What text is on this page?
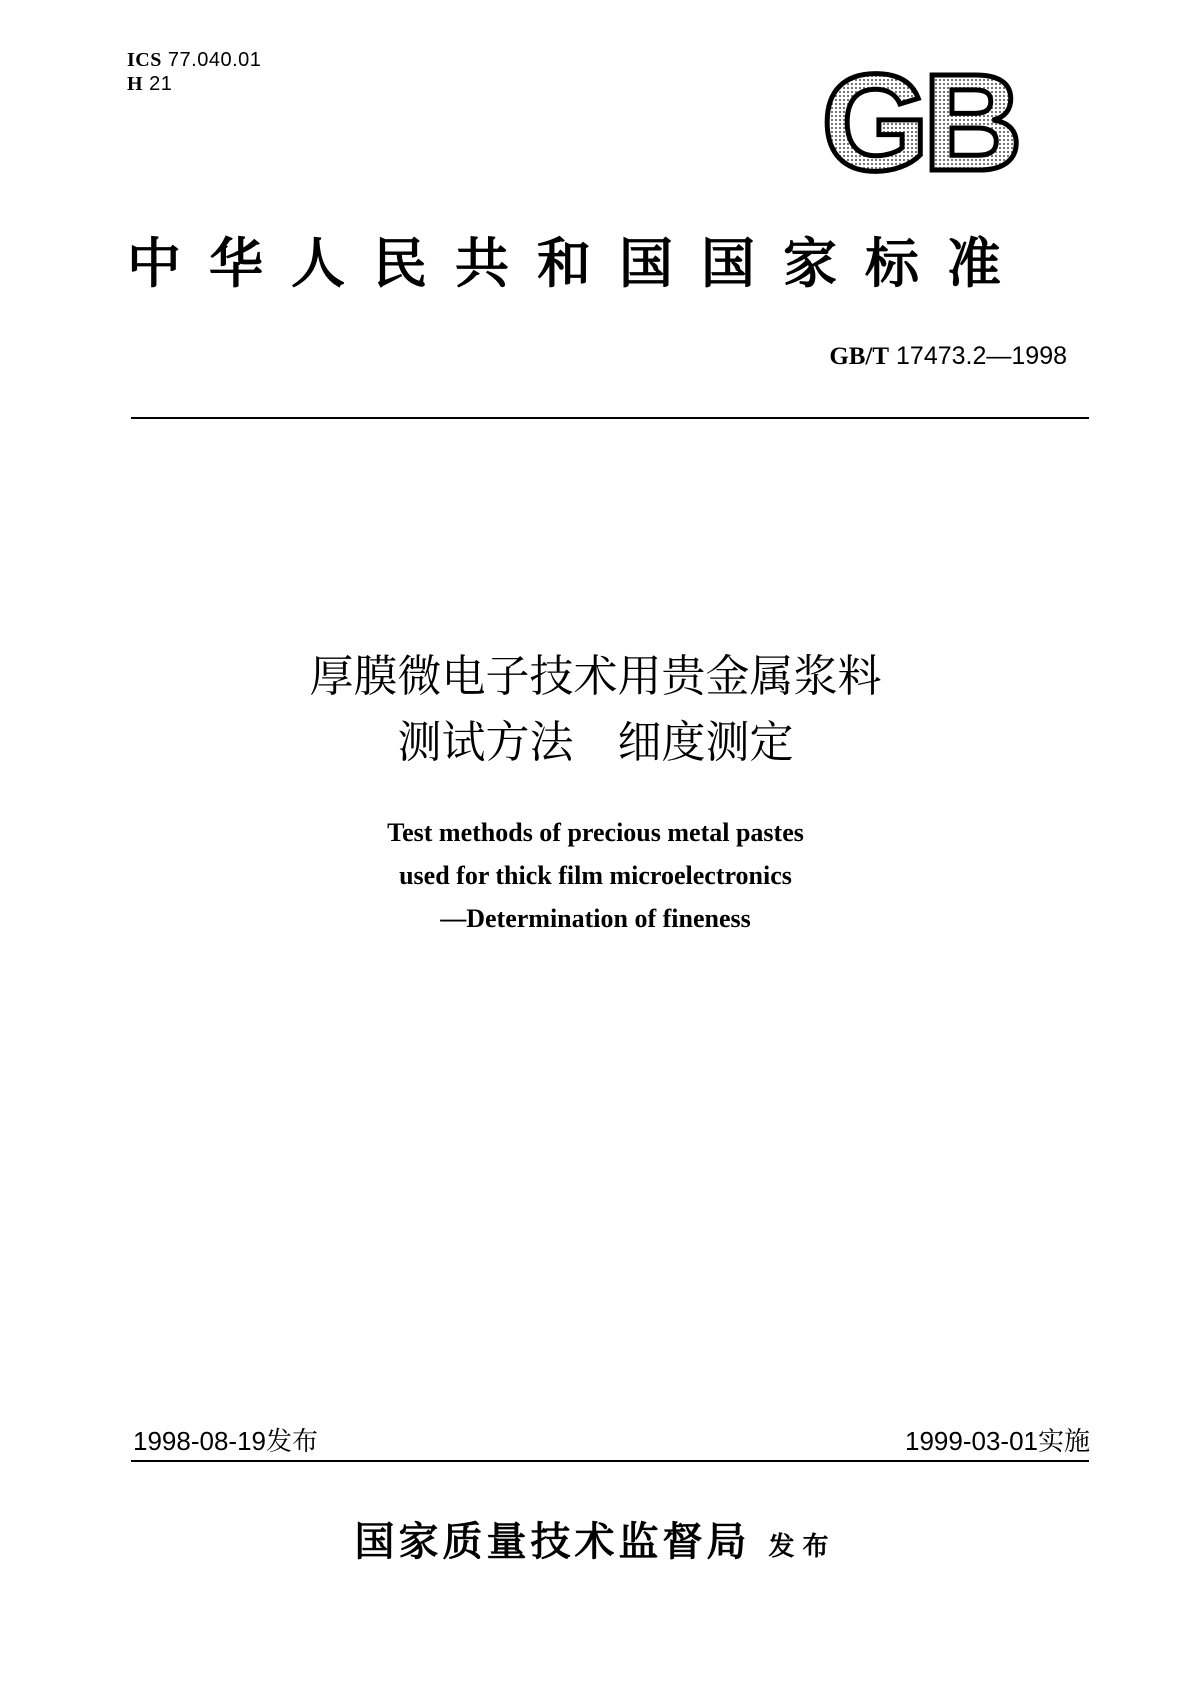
ICS 77.040.01
H 21	GB
中华人民共和国国家标准
GB/T 17473.2—1998
厚膜微电子技术用贵金属浆料
测试方法　细度测定
Test methods of precious metal pastes
used for thick film microelectronics
—Determination of fineness
1998-08-19发布	1999-03-01实施
国家质量技术监督局 发布
